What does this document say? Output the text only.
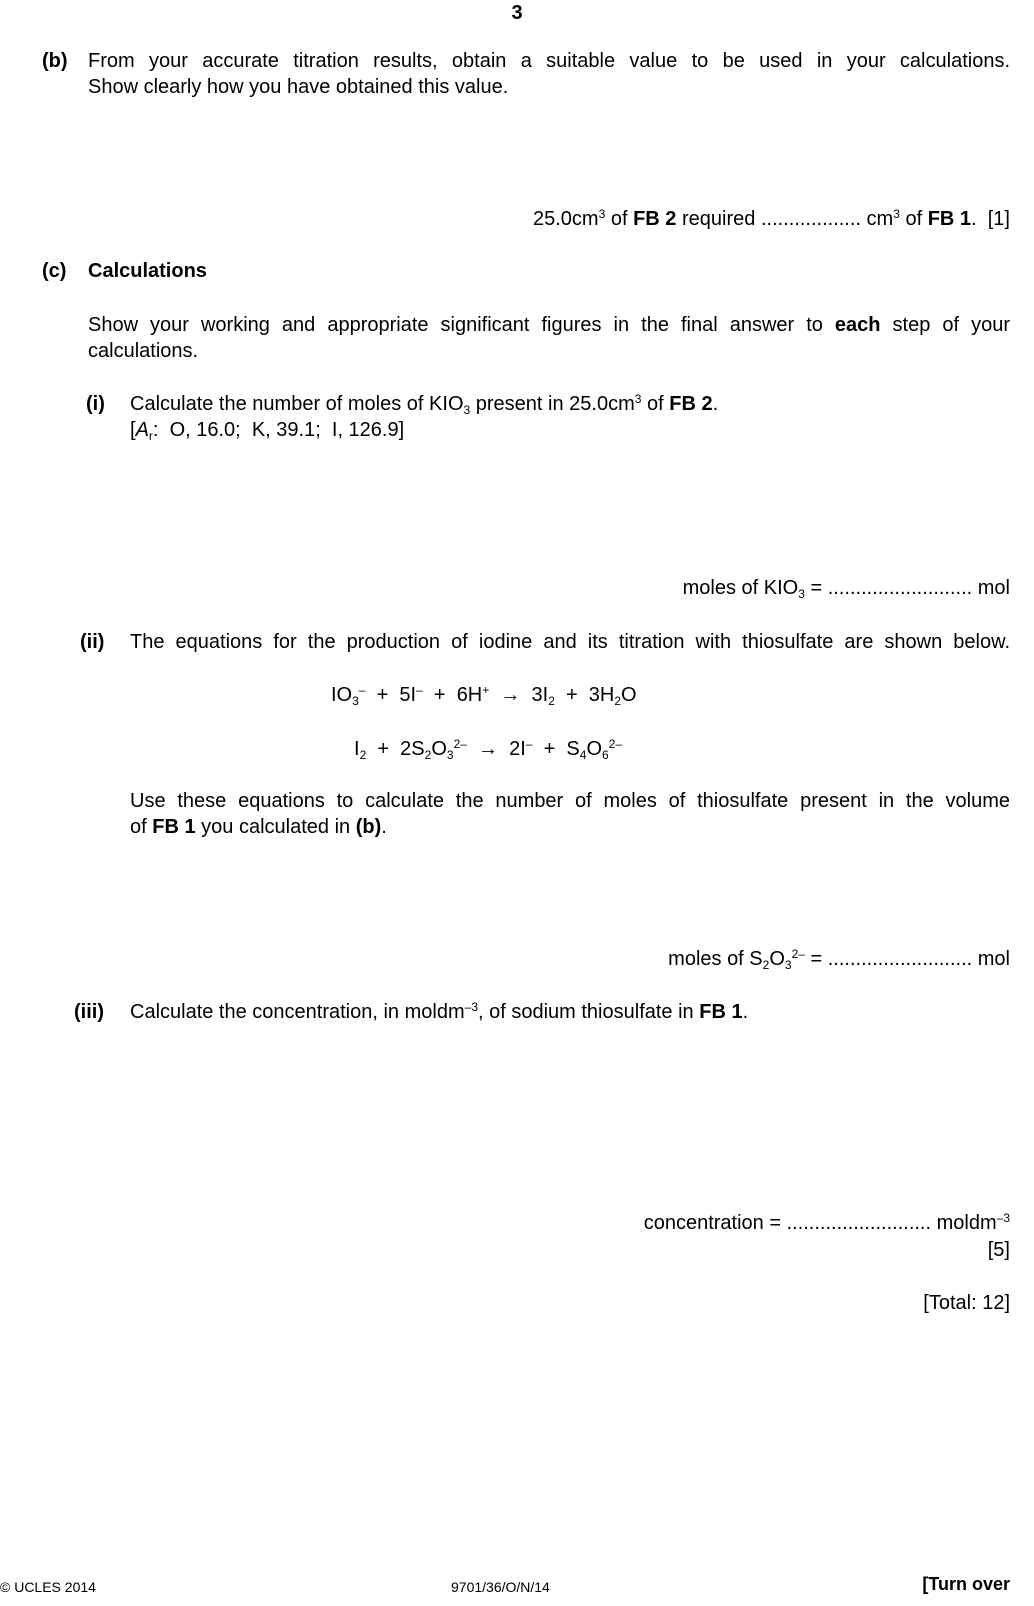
3
(b) From your accurate titration results, obtain a suitable value to be used in your calculations.
Show clearly how you have obtained this value.
$25.0cm^3$ of FB 2 required .................. $cm^3$ of FB 1. [1]
(c) Calculations
Show your working and appropriate significant figures in the final answer to each step of your
calculations.
(i) Calculate the number of moles of $KIO_3$ present in $25.0cm^3$ of FB 2.
[$A_r$:  O, 16.0;  K, 39.1;  I, 126.9]
moles of $KIO_3$ = .......................... mol
(ii) The equations for the production of iodine and its titration with thiosulfate are shown below.
$IO_3^- + 5I^- + 6H^+ \to 3I_2 + 3H_2O$
$I_2 + 2S_2O_3^{2-} \to 2I^- + S_4O_6^{2-}$
Use these equations to calculate the number of moles of thiosulfate present in the volume
of FB 1 you calculated in (b).
moles of $S_2O_3^{2-}$ = .......................... mol
(iii) Calculate the concentration, in moldm$^{-3}$, of sodium thiosulfate in FB 1.
concentration = .......................... moldm$^{-3}$
[5]
[Total: 12]
© UCLES 2014	9701/36/O/N/14	[Turn over
